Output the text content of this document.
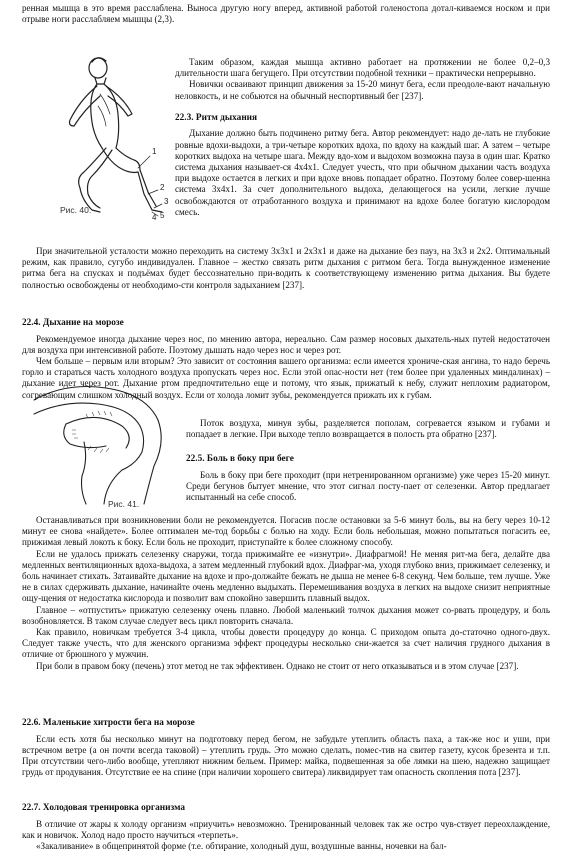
ренная мышца в это время расслаблена. Выноса другую ногу вперед, активной работой голеностопа дотал-киваемся носком и при отрыве ноги расслабляем мышцы (2,3).

1
2
3
4 5
Рис. 40.

Таким образом, каждая мышца активно работает на протяжении не более 0,2–0,3 длительности шага бегущего. При отсутствии подобной техники – практически непрерывно.

Новички осваивают принцип движения за 15-20 минут бега, если преодоле-вают начальную неловкость, и не собьются на обычный неспортивный бег [237].

22.3. Ритм дыхания

Дыхание должно быть подчинено ритму бега. Автор рекомендует: надо де-лать не глубокие ровные вдохи-выдохи, а три-четыре коротких вдоха, по вдоху на каждый шаг. А затем – четыре коротких выдоха на четыре шага. Между вдо-хом и выдохом возможна пауза в один шаг. Кратко система дыхания называет-ся 4x4x1. Следует учесть, что при обычном дыхании часть воздуха при выдохе остается в легких и при вдохе вновь попадает обратно. Поэтому более совер-шенна система 3x4x1. За счет дополнительного выдоха, делающегося на усили, легкие лучше освобождаются от отработанного воздуха и принимают на вдохе более богатую кислородом смесь.

При значительной усталости можно переходить на систему 3x3x1 и 2x3x1 и даже на дыхание без пауз, на 3x3 и 2x2. Оптимальный режим, как правило, сугубо индивидуален. Главное – жестко связать ритм дыхания с ритмом бега. Тогда вынужденное изменение ритма бега на спусках и подъёмах будет бессознательно при-водить к соответствующему изменению ритма дыхания. Вы будете полностью освобождены от необходимо-сти контроля задыханием [237].

22.4. Дыхание на морозе

Рекомендуемое иногда дыхание через нос, по мнению автора, нереально. Сам размер носовых дыхатель-ных путей недостаточен для воздуха при интенсивной работе. Поэтому дышать надо через нос и через рот.

Чем больше – первым или вторым? Это зависит от состояния вашего организма: если имеется хрониче-ская ангина, то надо беречь горло и стараться часть холодного воздуха пропускать через нос. Если этой опас-ности нет (тем более при удаленных миндалинах) – дыхание идет через рот. Дыхание ртом предпочтительно еще и потому, что язык, прижатый к небу, служит неплохим радиатором, согревающим слишком холодный воздух. Если от холода ломит зубы, рекомендуется прижать их к губам.

Рис. 41.

Поток воздуха, минуя зубы, разделяется пополам, согревается языком и губами и попадает в легкие. При выходе тепло возвращается в полость рта обратно [237].

22.5. Боль в боку при беге

Боль в боку при беге проходит (при нетренированном организме) уже через 15-20 минут. Среди бегунов бытует мнение, что этот сигнал посту-пает от селезенки. Автор предлагает испытанный на себе способ.

Останавливаться при возникновении боли не рекомендуется. Погасив после остановки за 5-6 минут боль, вы на бегу через 10-12 минут ее снова «найдете». Более оптимален ме-тод борьбы с болью на ходу. Если боль небольшая, можно попытаться погасить ее, прижимая левый локоть к боку. Если боль не проходит, приступайте к более сложному способу.

Если не удалось прижать селезенку снаружи, тогда прижимайте ее «изнутри». Диафрагмой! Не меняя рит-ма бега, делайте два медленных вентиляционных вдоха-выдоха, а затем медленный глубокий вдох. Диафраг-ма, уходя глубоко вниз, прижимает селезенку, и боль начинает стихать. Затаивайте дыхание на вдохе и про-должайте бежать не дыша не менее 6-8 секунд. Чем больше, тем лучше. Уже не в силах сдерживать дыхание, начинайте очень медленно выдыхать. Перемешивания воздуха в легких на выдохе снизит неприятные ощу-щения от недостатка кислорода и позволит вам спокойно завершить плавный выдох.

Главное – «отпустить» прижатую селезенку очень плавно. Любой маленький толчок дыхания может со-рвать процедуру, и боль возобновляется. В таком случае следует весь цикл повторить сначала.

Как правило, новичкам требуется 3-4 цикла, чтобы довести процедуру до конца. С приходом опыта до-статочно одного-двух. Следует также учесть, что для женского организма эффект процедуры несколько сни-жается за счет наличия грудного дыхания в отличие от брюшного у мужчин.

При боли в правом боку (печень) этот метод не так эффективен. Однако не стоит от него отказываться и в этом случае [237].

22.6. Маленькие хитрости бега на морозе

Если есть хотя бы несколько минут на подготовку перед бегом, не забудьте утеплить область паха, а так-же нос и уши, при встречном ветре (а он почти всегда таковой) – утеплить грудь. Это можно сделать, помес-тив на свитер газету, кусок брезента и т.п. При отсутствии чего-либо вообще, утепляют нижним бельем. Пример: майка, подвешенная за обе лямки на шею, надежно защищает грудь от продувания. Отсутствие ее на спине (при наличии хорошего свитера) ликвидирует там опасность скопления пота [237].

22.7. Холодовая тренировка организма

В отличие от жары к холоду организм «приучить» невозможно. Тренированный человек так же остро чув-ствует переохлаждение, как и новичок. Холод надо просто научиться «терпеть».

«Закаливание» в общепринятой форме (т.е. обтирание, холодный душ, воздушные ванны, ночевки на бал-
